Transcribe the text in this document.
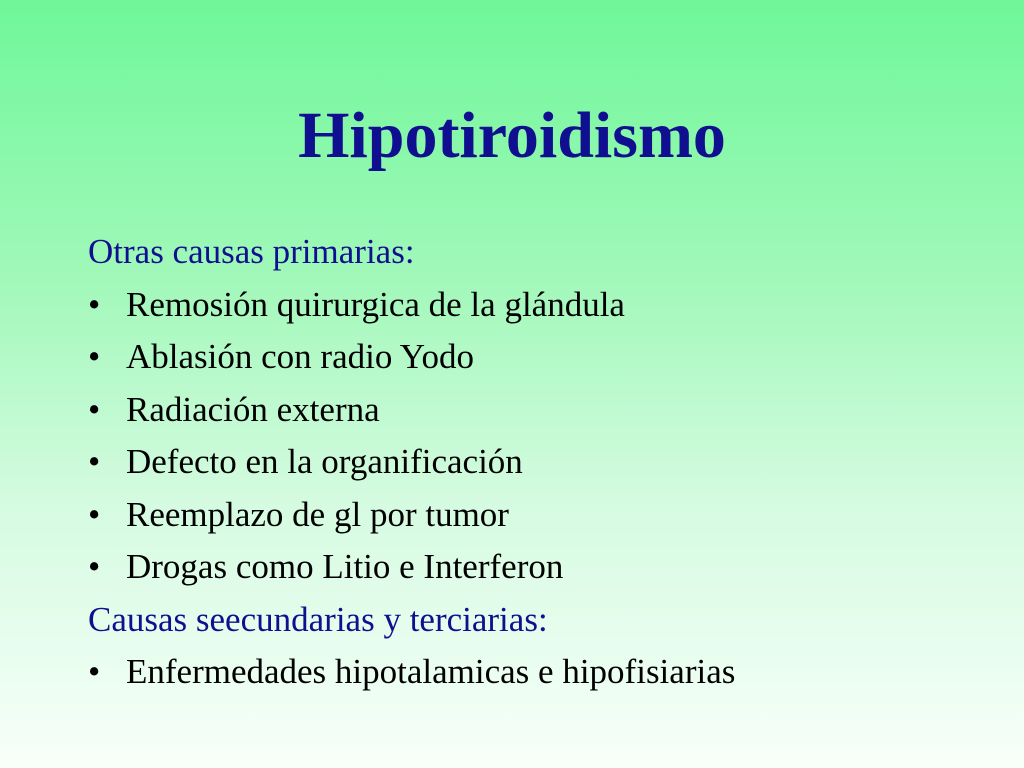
Hipotiroidismo
Otras causas primarias:
• Remosión quirurgica de la glándula
• Ablasión con radio Yodo
• Radiación externa
• Defecto en la organificación
• Reemplazo de gl por tumor
• Drogas como Litio e Interferon
Causas seecundarias y terciarias:
• Enfermedades hipotalamicas e hipofisiarias
